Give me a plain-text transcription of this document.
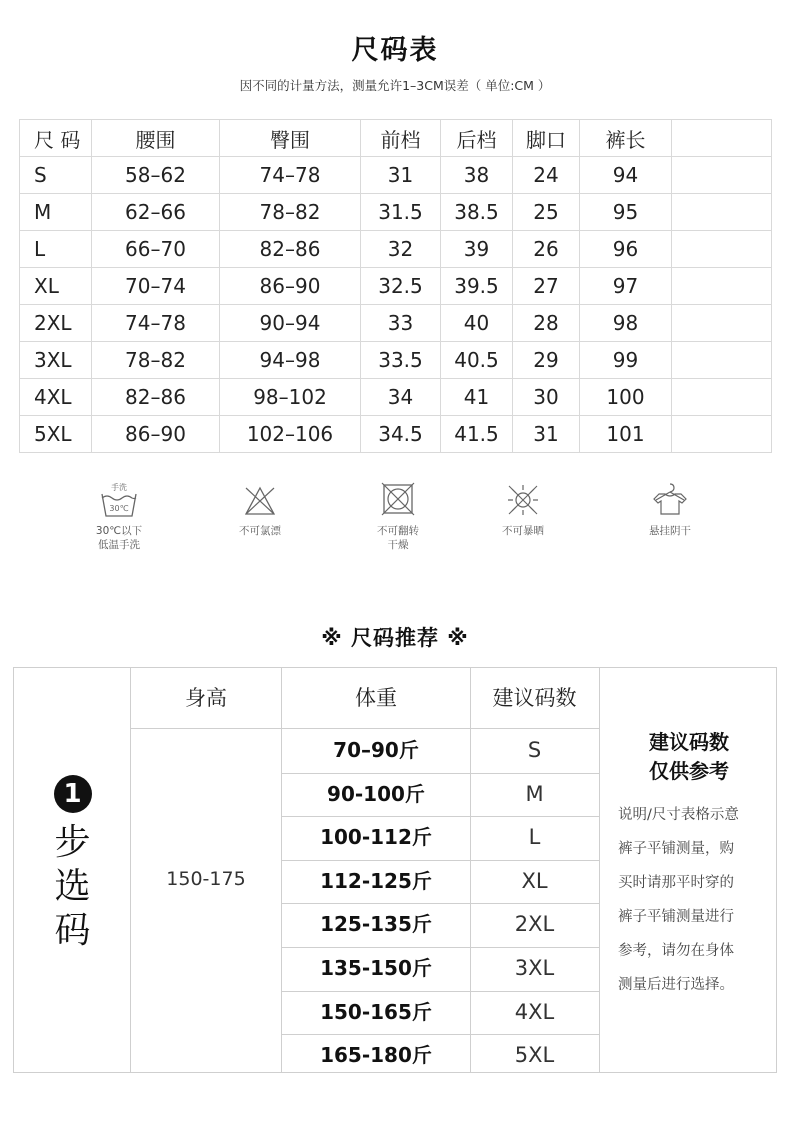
尺码表
因不同的计量方法，测量允许1–3CM误差（ 单位:CM ）
尺 码	腰围	臀围	前档	后档	脚口	裤长	
S	58–62	74–78	31	38	24	94	
M	62–66	78–82	31.5	38.5	25	95	
L	66–70	82–86	32	39	26	96	
XL	70–74	86–90	32.5	39.5	27	97	
2XL	74–78	90–94	33	40	28	98	
3XL	78–82	94–98	33.5	40.5	29	99	
4XL	82–86	98–102	34	41	30	100	
5XL	86–90	102–106	34.5	41.5	31	101	
手洗
30℃
30℃以下
低温手洗
不可氯漂	不可翻转
干燥
不可暴晒	悬挂阴干
※ 尺码推荐 ※
1
步
选
码
身高	体重	建议码数
150-175
70–90斤	S
90-100斤	M
100-112斤	L
112-125斤	XL
125-135斤	2XL
135-150斤	3XL
150-165斤	4XL
165-180斤	5XL
建议码数
仅供参考
说明/尺寸表格示意
裤子平铺测量，购
买时请那平时穿的
裤子平铺测量进行
参考，请勿在身体
测量后进行选择。
